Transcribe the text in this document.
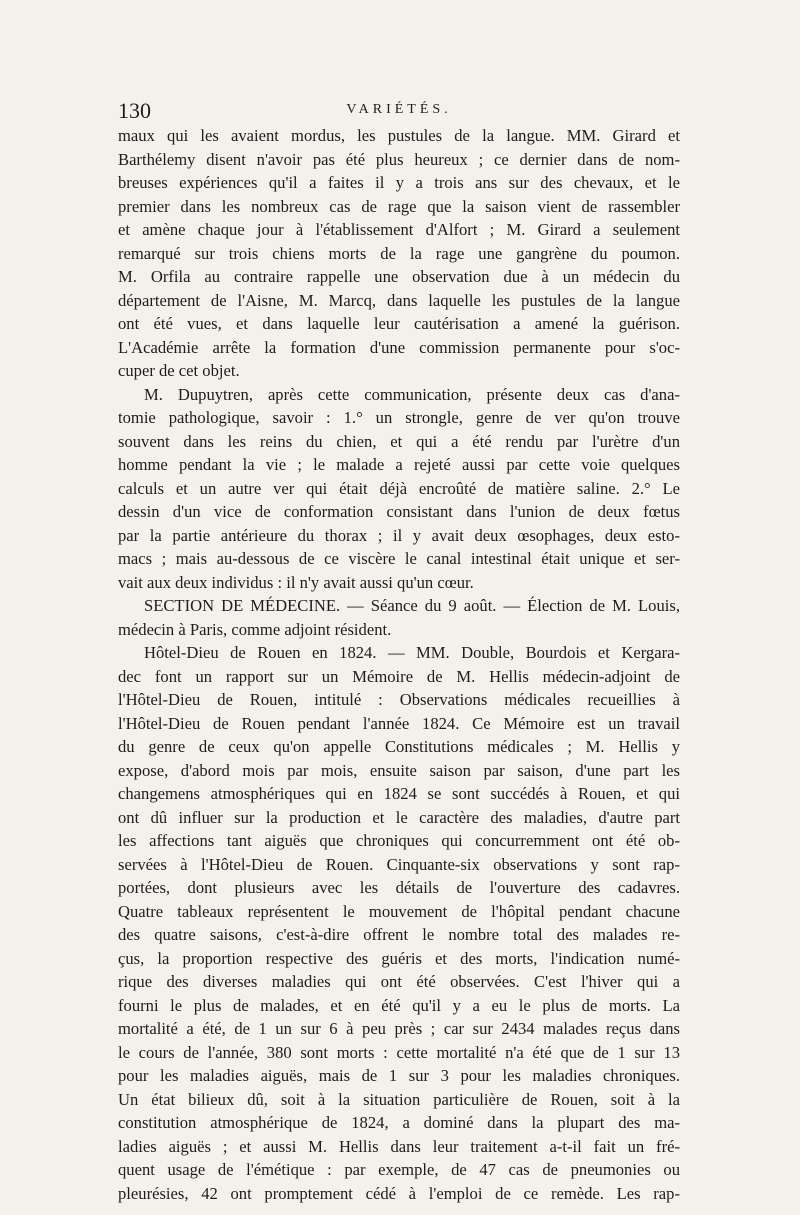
130	VARIÉTÉS.
maux qui les avaient mordus, les pustules de la langue. MM. Girard et
Barthélemy disent n'avoir pas été plus heureux ; ce dernier dans de nom-
breuses expériences qu'il a faites il y a trois ans sur des chevaux, et le
premier dans les nombreux cas de rage que la saison vient de rassembler
et amène chaque jour à l'établissement d'Alfort ; M. Girard a seulement
remarqué sur trois chiens morts de la rage une gangrène du poumon.
M. Orfila au contraire rappelle une observation due à un médecin du
département de l'Aisne, M. Marcq, dans laquelle les pustules de la langue
ont été vues, et dans laquelle leur cautérisation a amené la guérison.
L'Académie arrête la formation d'une commission permanente pour s'oc-
cuper de cet objet.
M. Dupuytren, après cette communication, présente deux cas d'ana-
tomie pathologique, savoir : 1.° un strongle, genre de ver qu'on trouve
souvent dans les reins du chien, et qui a été rendu par l'urètre d'un
homme pendant la vie ; le malade a rejeté aussi par cette voie quelques
calculs et un autre ver qui était déjà encroûté de matière saline. 2.° Le
dessin d'un vice de conformation consistant dans l'union de deux fœtus
par la partie antérieure du thorax ; il y avait deux œsophages, deux esto-
macs ; mais au-dessous de ce viscère le canal intestinal était unique et ser-
vait aux deux individus : il n'y avait aussi qu'un cœur.
SECTION DE MÉDECINE. — Séance du 9 août. — Élection de M. Louis,
médecin à Paris, comme adjoint résident.
Hôtel-Dieu de Rouen en 1824. — MM. Double, Bourdois et Kergara-
dec font un rapport sur un Mémoire de M. Hellis médecin-adjoint de
l'Hôtel-Dieu de Rouen, intitulé : Observations médicales recueillies à
l'Hôtel-Dieu de Rouen pendant l'année 1824. Ce Mémoire est un travail
du genre de ceux qu'on appelle Constitutions médicales ; M. Hellis y
expose, d'abord mois par mois, ensuite saison par saison, d'une part les
changemens atmosphériques qui en 1824 se sont succédés à Rouen, et qui
ont dû influer sur la production et le caractère des maladies, d'autre part
les affections tant aiguës que chroniques qui concurremment ont été ob-
servées à l'Hôtel-Dieu de Rouen. Cinquante-six observations y sont rap-
portées, dont plusieurs avec les détails de l'ouverture des cadavres.
Quatre tableaux représentent le mouvement de l'hôpital pendant chacune
des quatre saisons, c'est-à-dire offrent le nombre total des malades re-
çus, la proportion respective des guéris et des morts, l'indication numé-
rique des diverses maladies qui ont été observées. C'est l'hiver qui a
fourni le plus de malades, et en été qu'il y a eu le plus de morts. La
mortalité a été, de 1 un sur 6 à peu près ; car sur 2434 malades reçus dans
le cours de l'année, 380 sont morts : cette mortalité n'a été que de 1 sur 13
pour les maladies aiguës, mais de 1 sur 3 pour les maladies chroniques.
Un état bilieux dû, soit à la situation particulière de Rouen, soit à la
constitution atmosphérique de 1824, a dominé dans la plupart des ma-
ladies aiguës ; et aussi M. Hellis dans leur traitement a-t-il fait un fré-
quent usage de l'émétique : par exemple, de 47 cas de pneumonies ou
pleurésies, 42 ont promptement cédé à l'emploi de ce remède. Les rap-
